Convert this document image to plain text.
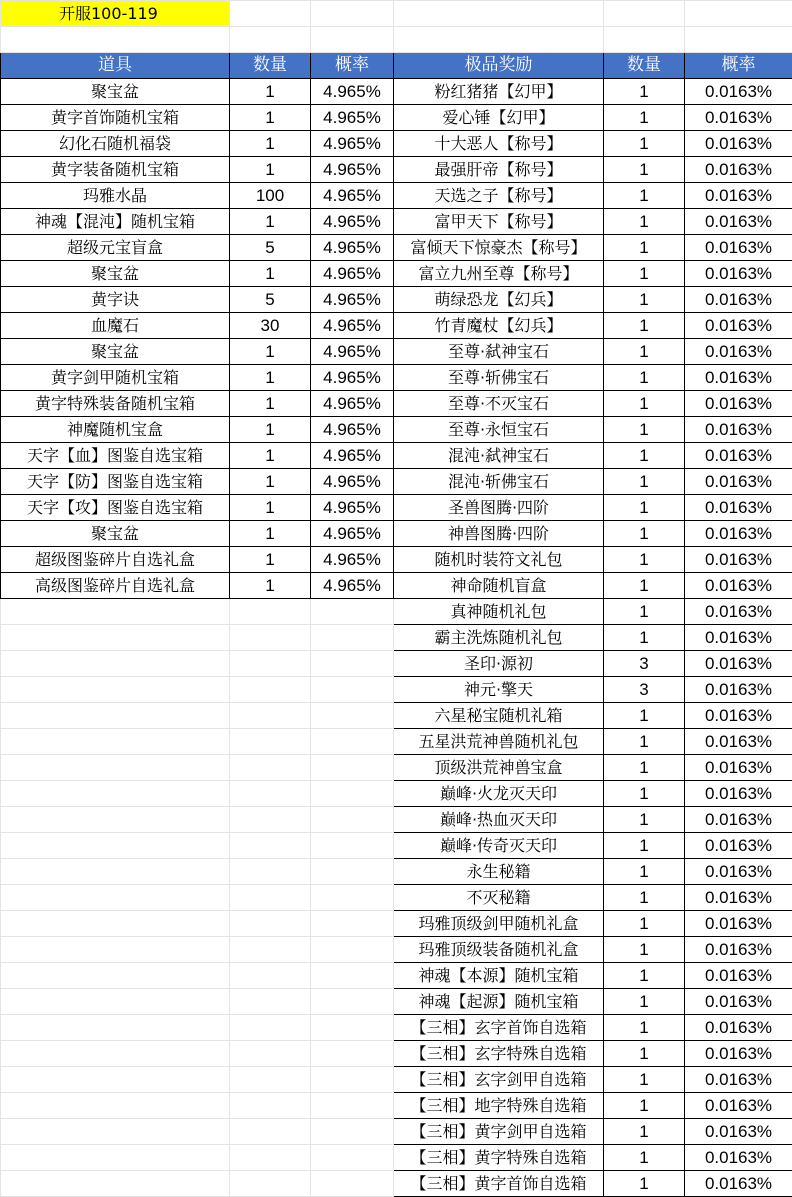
开服100-119					

道具	数量	概率	极品奖励	数量	概率
聚宝盆	1	4.965%	粉红猪猪【幻甲】	1	0.0163%
黄字首饰随机宝箱	1	4.965%	爱心锤【幻甲】	1	0.0163%
幻化石随机福袋	1	4.965%	十大恶人【称号】	1	0.0163%
黄字装备随机宝箱	1	4.965%	最强肝帝【称号】	1	0.0163%
玛雅水晶	100	4.965%	天选之子【称号】	1	0.0163%
神魂【混沌】随机宝箱	1	4.965%	富甲天下【称号】	1	0.0163%
超级元宝盲盒	5	4.965%	富倾天下惊豪杰【称号】	1	0.0163%
聚宝盆	1	4.965%	富立九州至尊【称号】	1	0.0163%
黄字诀	5	4.965%	萌绿恐龙【幻兵】	1	0.0163%
血魔石	30	4.965%	竹青魔杖【幻兵】	1	0.0163%
聚宝盆	1	4.965%	至尊·弑神宝石	1	0.0163%
黄字剑甲随机宝箱	1	4.965%	至尊·斩佛宝石	1	0.0163%
黄字特殊装备随机宝箱	1	4.965%	至尊·不灭宝石	1	0.0163%
神魔随机宝盒	1	4.965%	至尊·永恒宝石	1	0.0163%
天字【血】图鉴自选宝箱	1	4.965%	混沌·弑神宝石	1	0.0163%
天字【防】图鉴自选宝箱	1	4.965%	混沌·斩佛宝石	1	0.0163%
天字【攻】图鉴自选宝箱	1	4.965%	圣兽图腾·四阶	1	0.0163%
聚宝盆	1	4.965%	神兽图腾·四阶	1	0.0163%
超级图鉴碎片自选礼盒	1	4.965%	随机时装符文礼包	1	0.0163%
高级图鉴碎片自选礼盒	1	4.965%	神命随机盲盒	1	0.0163%
			真神随机礼包	1	0.0163%
			霸主洗炼随机礼包	1	0.0163%
			圣印·源初	3	0.0163%
			神元·擎天	3	0.0163%
			六星秘宝随机礼箱	1	0.0163%
			五星洪荒神兽随机礼包	1	0.0163%
			顶级洪荒神兽宝盒	1	0.0163%
			巅峰·火龙灭天印	1	0.0163%
			巅峰·热血灭天印	1	0.0163%
			巅峰·传奇灭天印	1	0.0163%
			永生秘籍	1	0.0163%
			不灭秘籍	1	0.0163%
			玛雅顶级剑甲随机礼盒	1	0.0163%
			玛雅顶级装备随机礼盒	1	0.0163%
			神魂【本源】随机宝箱	1	0.0163%
			神魂【起源】随机宝箱	1	0.0163%
			【三相】玄字首饰自选箱	1	0.0163%
			【三相】玄字特殊自选箱	1	0.0163%
			【三相】玄字剑甲自选箱	1	0.0163%
			【三相】地字特殊自选箱	1	0.0163%
			【三相】黄字剑甲自选箱	1	0.0163%
			【三相】黄字特殊自选箱	1	0.0163%
			【三相】黄字首饰自选箱	1	0.0163%
